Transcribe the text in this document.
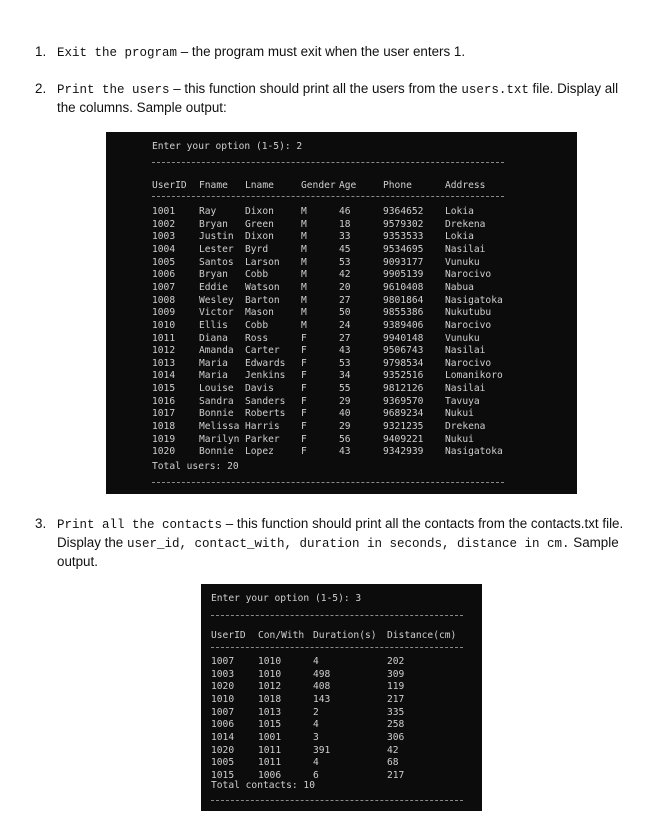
1. Exit the program – the program must exit when the user enters 1.
2. Print the users – this function should print all the users from the users.txt file. Display all the columns. Sample output:
Enter your option (1-5): 2
UserID Fname Lname	Gender Age	Phone	Address
1001 Ray	Dixon	M	46	9364652 Lokia
1002 Bryan Green	M	18	9579302 Drekena
1003 Justin Dixon	M	33	9353533 Lokia
1004 Lester Byrd	M	45	9534695 Nasilai
1005 Santos Larson M	53	9093177 Vunuku
1006 Bryan Cobb	M	42	9905139 Narocivo
1007 Eddie Watson M	20	9610408 Nabua
1008 Wesley Barton M	27	9801864 Nasigatoka
1009 Victor Mason	M	50	9855386 Nukutubu
1010 Ellis Cobb	M	24	9389406 Narocivo
1011 Diana Ross	F	27	9940148 Vunuku
1012 Amanda Carter F	43	9506743 Nasilai
1013 Maria Edwards F	53	9798534 Narocivo
1014 Maria Jenkins F	34	9352516 Lomanikoro
1015 Louise Davis	F	55	9812126 Nasilai
1016 Sandra Sanders F	29	9369570 Tavuya
1017 Bonnie Roberts F	40	9689234 Nukui
1018 Melissa Harris F	29	9321235 Drekena
1019 Marilyn Parker F	56	9409221 Nukui
1020 Bonnie Lopez	F	43	9342939 Nasigatoka
Total users: 20
3. Print all the contacts – this function should print all the contacts from the contacts.txt file. Display the user_id, contact_with, duration in seconds, distance in cm. Sample output.
Enter your option (1-5): 3
UserID Con/With Duration(s) Distance(cm)
1007 1010	4	202
1003 1010	498	309
1020 1012	408	119
1010 1018	143	217
1007 1013	2	335
1006 1015	4	258
1014 1001	3	306
1020 1011	391	42
1005 1011	4	68
1015 1006	6	217
Total contacts: 10
